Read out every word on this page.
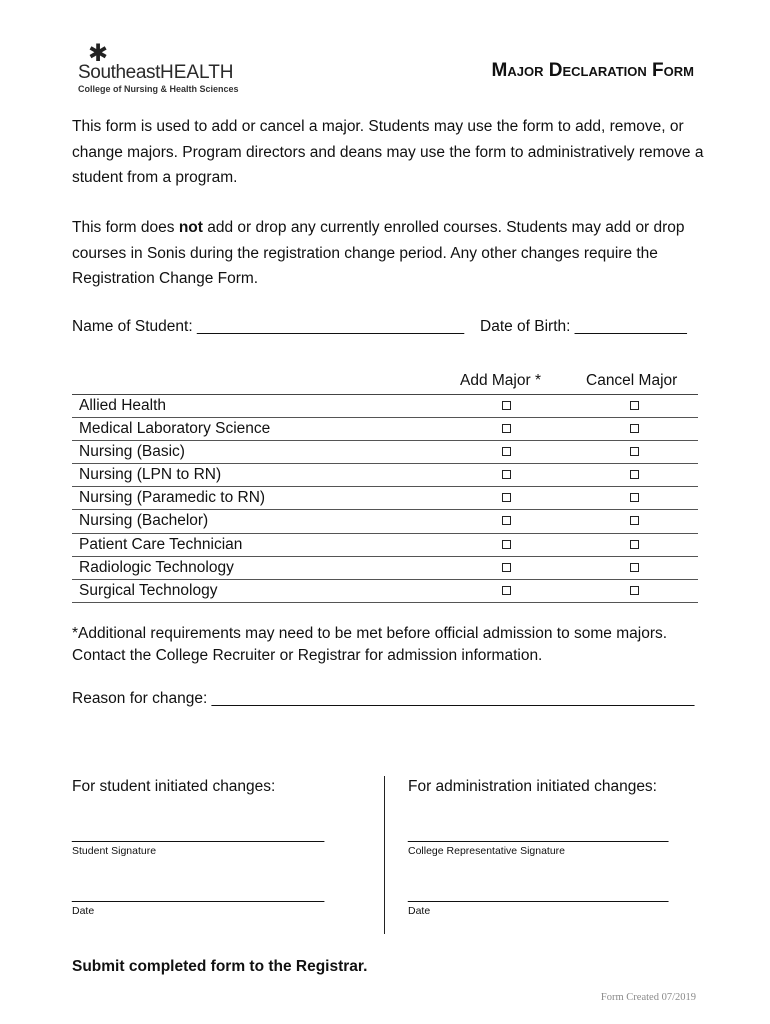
✱
SoutheastHEALTH
College of Nursing & Health Sciences
Major Declaration Form
This form is used to add or cancel a major. Students may use the form to add, remove, or change majors. Program directors and deans may use the form to administratively remove a student from a program.
This form does not add or drop any currently enrolled courses. Students may add or drop courses in Sonis during the registration change period. Any other changes require the Registration Change Form.
Name of Student: _______________________________ Date of Birth: _____________
Add Major *	Cancel Major
Allied Health
Medical Laboratory Science
Nursing (Basic)
Nursing (LPN to RN)
Nursing (Paramedic to RN)
Nursing (Bachelor)
Patient Care Technician
Radiologic Technology
Surgical Technology
*Additional requirements may need to be met before official admission to some majors. Contact the College Recruiter or Registrar for admission information.
Reason for change: ________________________________________________________
For student initiated changes:
_______________________________
Student Signature
_______________________________
Date
For administration initiated changes:
________________________________
College Representative Signature
________________________________
Date
Submit completed form to the Registrar.
Form Created 07/2019
